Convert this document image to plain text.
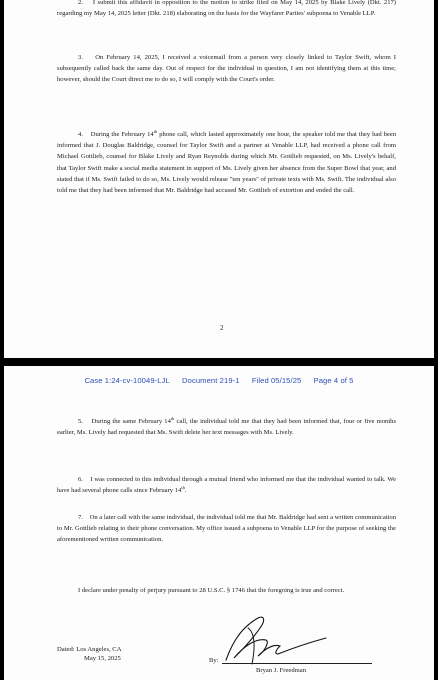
2. I submit this affidavit in opposition to the motion to strike filed on May 14, 2025 by Blake Lively (Dkt. 217) regarding my May 14, 2025 letter (Dkt. 218) elaborating on the basis for the Wayfarer Parties' subpoena to Venable LLP.

3. On February 14, 2025, I received a voicemail from a person very closely linked to Taylor Swift, whom I subsequently called back the same day. Out of respect for the individual in question, I am not identifying them at this time; however, should the Court direct me to do so, I will comply with the Court's order.

4. During the February 14th phone call, which lasted approximately one hour, the speaker told me that they had been informed that J. Douglas Baldridge, counsel for Taylor Swift and a partner at Venable LLP, had received a phone call from Michael Gottlieb, counsel for Blake Lively and Ryan Reynolds during which Mr. Gottlieb requested, on Ms. Lively's behalf, that Taylor Swift make a social media statement in support of Ms. Lively given her absence from the Super Bowl that year, and stated that if Ms. Swift failed to do so, Ms. Lively would release "ten years" of private texts with Ms. Swift. The individual also told me that they had been informed that Mr. Baldridge had accused Mr. Gottlieb of extortion and ended the call.

2
Case 1:24-cv-10049-LJL Document 219-1 Filed 05/15/25 Page 4 of 5

5. During the same February 14th call, the individual told me that they had been informed that, four or five months earlier, Ms. Lively had requested that Ms. Swift delete her text messages with Ms. Lively.

6. I was connected to this individual through a mutual friend who informed me that the individual wanted to talk. We have had several phone calls since February 14th.

7. On a later call with the same individual, the individual told me that Mr. Baldridge had sent a written communication to Mr. Gottlieb relating to their phone conversation. My office issued a subpoena to Venable LLP for the purpose of seeking the aforementioned written communication.

I declare under penalty of perjury pursuant to 28 U.S.C. § 1746 that the foregoing is true and correct.

Dated: Los Angeles, CA
May 15, 2025	By:
Bryan J. Freedman
